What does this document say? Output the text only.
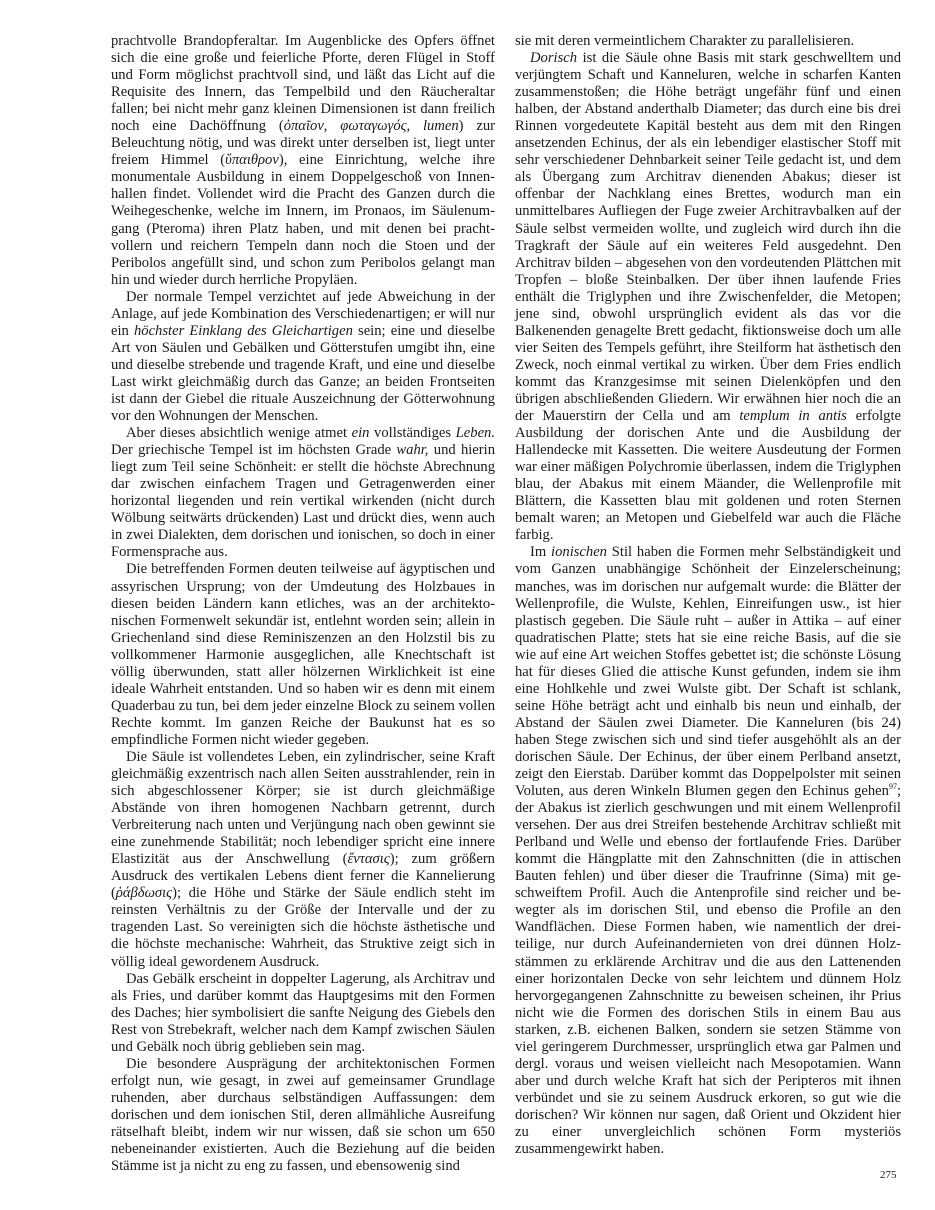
prachtvolle Brandopferaltar. Im Augenblicke des Opfers öffnet sich die eine große und feierliche Pforte, deren Flügel in Stoff und Form möglichst prachtvoll sind, und läßt das Licht auf die Requisite des Innern, das Tempelbild und den Räucheraltar fallen; bei nicht mehr ganz kleinen Dimensionen ist dann freilich noch eine Dachöffnung (ὀπαῖον, φωταγωγός, lumen) zur Beleuchtung nötig, und was direkt unter derselben ist, liegt unter freiem Himmel (ὕπαιθρον), eine Einrichtung, welche ihre monumentale Ausbildung in einem Doppelgeschoß von Innenhallen findet. Vollendet wird die Pracht des Ganzen durch die Weihegeschenke, welche im Innern, im Pronaos, im Säulenumgang (Pteroma) ihren Platz haben, und mit denen bei prachtvollern und reichern Tempeln dann noch die Stoen und der Peribolos angefüllt sind, und schon zum Peribolos gelangt man hin und wieder durch herrliche Propyläen.

Der normale Tempel verzichtet auf jede Abweichung in der Anlage, auf jede Kombination des Verschiedenartigen; er will nur ein höchster Einklang des Gleichartigen sein; eine und dieselbe Art von Säulen und Gebälken und Götterstufen umgibt ihn, eine und dieselbe strebende und tragende Kraft, und eine und dieselbe Last wirkt gleichmäßig durch das Ganze; an beiden Frontseiten ist dann der Giebel die rituale Auszeichnung der Götterwohnung vor den Wohnungen der Menschen.

Aber dieses absichtlich wenige atmet ein vollständiges Leben. Der griechische Tempel ist im höchsten Grade wahr, und hierin liegt zum Teil seine Schönheit: er stellt die höchste Abrechnung dar zwischen einfachem Tragen und Getragenwerden einer horizontal liegenden und rein vertikal wirkenden (nicht durch Wölbung seitwärts drückenden) Last und drückt dies, wenn auch in zwei Dialekten, dem dorischen und ionischen, so doch in einer Formensprache aus.

Die betreffenden Formen deuten teilweise auf ägyptischen und assyrischen Ursprung; von der Umdeutung des Holzbaues in diesen beiden Ländern kann etliches, was an der architektonischen Formenwelt sekundär ist, entlehnt worden sein; allein in Griechenland sind diese Reminiszenzen an den Holzstil bis zu vollkommener Harmonie ausgeglichen, alle Knechtschaft ist völlig überwunden, statt aller hölzernen Wirklichkeit ist eine ideale Wahrheit entstanden. Und so haben wir es denn mit einem Quaderbau zu tun, bei dem jeder einzelne Block zu seinem vollen Rechte kommt. Im ganzen Reiche der Baukunst hat es so empfindliche Formen nicht wieder gegeben.

Die Säule ist vollendetes Leben, ein zylindrischer, seine Kraft gleichmäßig exzentrisch nach allen Seiten ausstrahlender, rein in sich abgeschlossener Körper; sie ist durch gleichmäßige Abstände von ihren homogenen Nachbarn getrennt, durch Verbreiterung nach unten und Verjüngung nach oben gewinnt sie eine zunehmende Stabilität; noch lebendiger spricht eine innere Elastizität aus der Anschwellung (ἔντασις); zum größern Ausdruck des vertikalen Lebens dient ferner die Kannelierung (ῥάβδωσις); die Höhe und Stärke der Säule endlich steht im reinsten Verhältnis zu der Größe der Intervalle und der zu tragenden Last. So vereinigten sich die höchste ästhetische und die höchste mechanische: Wahrheit, das Struktive zeigt sich in völlig ideal gewordenem Ausdruck.

Das Gebälk erscheint in doppelter Lagerung, als Architrav und als Fries, und darüber kommt das Hauptgesims mit den Formen des Daches; hier symbolisiert die sanfte Neigung des Giebels den Rest von Strebekraft, welcher nach dem Kampf zwischen Säulen und Gebälk noch übrig geblieben sein mag.

Die besondere Ausprägung der architektonischen Formen erfolgt nun, wie gesagt, in zwei auf gemeinsamer Grundlage ruhenden, aber durchaus selbständigen Auffassungen: dem dorischen und dem ionischen Stil, deren allmähliche Ausreifung rätselhaft bleibt, indem wir nur wissen, daß sie schon um 650 nebeneinander existierten. Auch die Beziehung auf die beiden Stämme ist ja nicht zu eng zu fassen, und ebensowenig sind

sie mit deren vermeintlichem Charakter zu parallelisieren.

Dorisch ist die Säule ohne Basis mit stark geschwelltem und verjüngtem Schaft und Kanneluren, welche in scharfen Kanten zusammenstoßen; die Höhe beträgt ungefähr fünf und einen halben, der Abstand anderthalb Diameter; das durch eine bis drei Rinnen vorgedeutete Kapitäl besteht aus dem mit den Ringen ansetzenden Echinus, der als ein lebendiger elastischer Stoff mit sehr verschiedener Dehnbarkeit seiner Teile gedacht ist, und dem als Übergang zum Architrav dienenden Abakus; dieser ist offenbar der Nachklang eines Brettes, wodurch man ein unmittelbares Aufliegen der Fuge zweier Architravbalken auf der Säule selbst vermeiden wollte, und zugleich wird durch ihn die Tragkraft der Säule auf ein weiteres Feld ausgedehnt. Den Architrav bilden – abgesehen von den vordeutenden Plättchen mit Tropfen – bloße Steinbalken. Der über ihnen laufende Fries enthält die Triglyphen und ihre Zwischenfelder, die Metopen; jene sind, obwohl ursprünglich evident als das vor die Balkenenden genagelte Brett gedacht, fiktionsweise doch um alle vier Seiten des Tempels geführt, ihre Steilform hat ästhetisch den Zweck, noch einmal vertikal zu wirken. Über dem Fries endlich kommt das Kranzgesimse mit seinen Dielenköpfen und den übrigen abschließenden Gliedern. Wir erwähnen hier noch die an der Mauerstirn der Cella und am templum in antis erfolgte Ausbildung der dorischen Ante und die Ausbildung der Hallendecke mit Kassetten. Die weitere Ausdeutung der Formen war einer mäßigen Polychromie überlassen, indem die Triglyphen blau, der Abakus mit einem Mäander, die Wellenprofile mit Blättern, die Kassetten blau mit goldenen und roten Sternen bemalt waren; an Metopen und Giebelfeld war auch die Fläche farbig.

Im ionischen Stil haben die Formen mehr Selbständigkeit und vom Ganzen unabhängige Schönheit der Einzelerscheinung; manches, was im dorischen nur aufgemalt wurde: die Blätter der Wellenprofile, die Wulste, Kehlen, Einreifungen usw., ist hier plastisch gegeben. Die Säule ruht – außer in Attika – auf einer quadratischen Platte; stets hat sie eine reiche Basis, auf die sie wie auf eine Art weichen Stoffes gebettet ist; die schönste Lösung hat für dieses Glied die attische Kunst gefunden, indem sie ihm eine Hohlkehle und zwei Wulste gibt. Der Schaft ist schlank, seine Höhe beträgt acht und einhalb bis neun und einhalb, der Abstand der Säulen zwei Diameter. Die Kanneluren (bis 24) haben Stege zwischen sich und sind tiefer ausgehöhlt als an der dorischen Säule. Der Echinus, der über einem Perlband ansetzt, zeigt den Eierstab. Darüber kommt das Doppelpolster mit seinen Voluten, aus deren Winkeln Blumen gegen den Echinus gehen$^{97}$; der Abakus ist zierlich geschwungen und mit einem Wellenprofil versehen. Der aus drei Streifen bestehende Architrav schließt mit Perlband und Welle und ebenso der fortlaufende Fries. Darüber kommt die Hängplatte mit den Zahnschnitten (die in attischen Bauten fehlen) und über dieser die Traufrinne (Sima) mit geschweiftem Profil. Auch die Antenprofile sind reicher und bewegter als im dorischen Stil, und ebenso die Profile an den Wandflächen. Diese Formen haben, wie namentlich der dreiteilige, nur durch Aufeinandernieten von drei dünnen Holzstämmen zu erklärende Architrav und die aus den Lattenenden einer horizontalen Decke von sehr leichtem und dünnem Holz hervorgegangenen Zahnschnitte zu beweisen scheinen, ihr Prius nicht wie die Formen des dorischen Stils in einem Bau aus starken, z.B. eichenen Balken, sondern sie setzen Stämme von viel geringerem Durchmesser, ursprünglich etwa gar Palmen und dergl. voraus und weisen vielleicht nach Mesopotamien. Wann aber und durch welche Kraft hat sich der Peripteros mit ihnen verbündet und sie zu seinem Ausdruck erkoren, so gut wie die dorischen? Wir können nur sagen, daß Orient und Okzident hier zu einer unvergleichlich schönen Form mysteriös zusammengewirkt haben.

275
